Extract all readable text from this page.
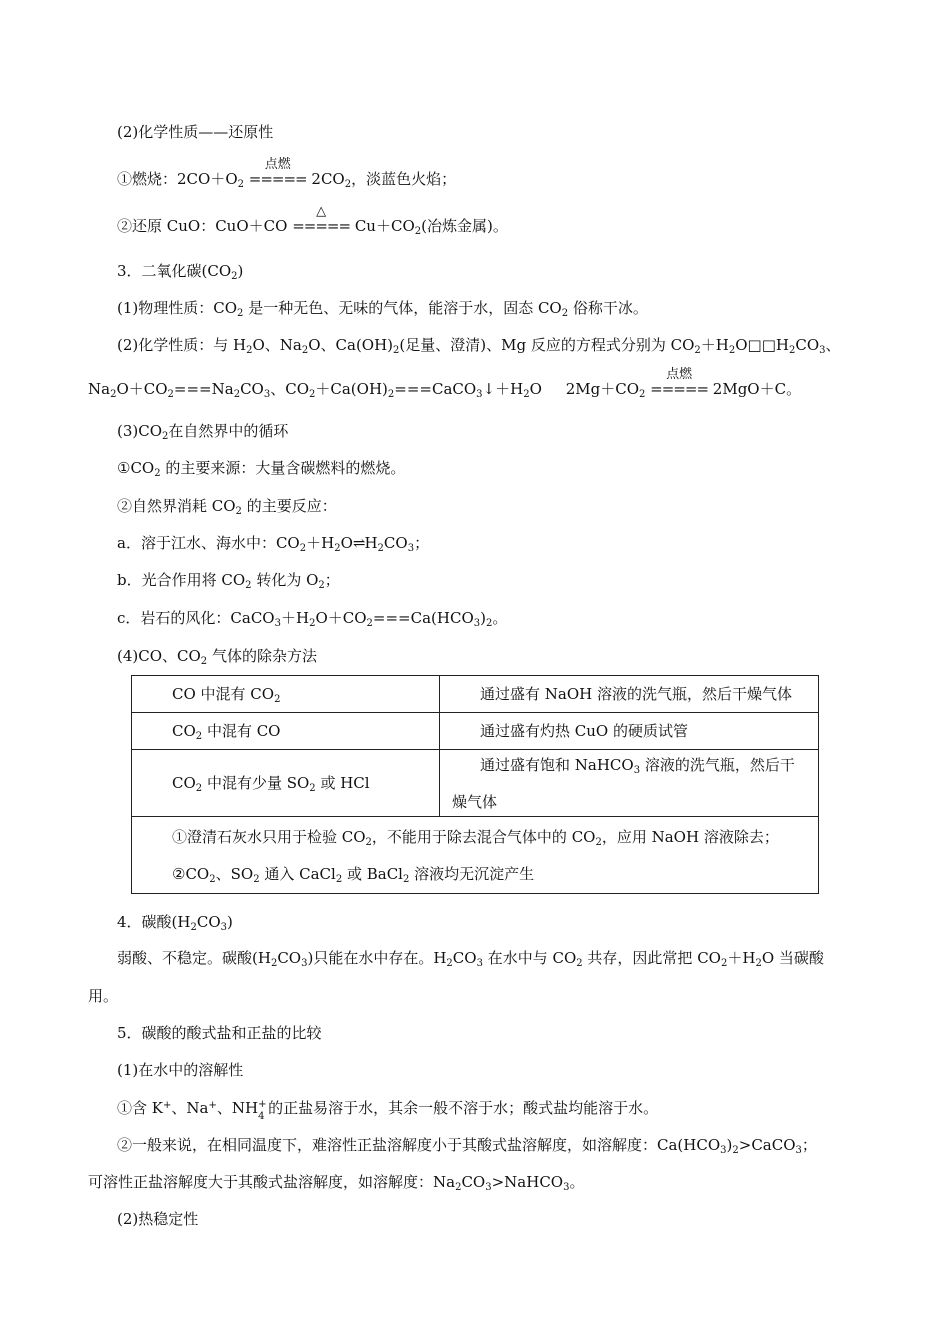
(2)化学性质——还原性
①燃烧：$2CO+O_2$
点燃
===== $2CO_2$，淡蓝色火焰；
②还原 CuO：CuO＋CO
△
===== $Cu+CO_2$(冶炼金属)。
3．二氧化碳$(CO_2)$
(1)物理性质：$CO_2$ 是一种无色、无味的气体，能溶于水，固态 $CO_2$ 俗称干冰。
(2)化学性质：与 $H_2O$、$Na_2O$、$Ca(OH)_2$(足量、澄清)、Mg 反应的方程式分别为 $CO_2+H_2O□□H_2CO_3$、
$Na_2O+CO_2===Na_2CO_3$、$CO_2+Ca(OH)_2===CaCO_3↓+H_2O$ $2Mg+CO_2$
点燃
===== 2MgO＋C。
$(3)CO_2$在自然界中的循环
$①CO_2$ 的主要来源：大量含碳燃料的燃烧。
②自然界消耗 $CO_2$ 的主要反应：
a．溶于江水、海水中：$CO_2+H_2O\rightleftharpoons H_2CO_3$；
b．光合作用将 $CO_2$ 转化为 $O_2$；
c．岩石的风化：$CaCO_3+H_2O+CO_2===Ca(HCO_3)_2$。
(4)CO、$CO_2$ 气体的除杂方法
CO 中混有 $CO_2$	通过盛有 NaOH 溶液的洗气瓶，然后干燥气体
$CO_2$ 中混有 CO	通过盛有灼热 CuO 的硬质试管
$CO_2$ 中混有少量 $SO_2$ 或 HCl	通过盛有饱和 NaHCO$_3$ 溶液的洗气瓶，然后干
燥气体

①澄清石灰水只用于检验 $CO_2$，不能用于除去混合气体中的 $CO_2$，应用 NaOH 溶液除去；
$②CO_2$、$SO_2$ 通入 CaCl$_2$ 或 BaCl$_2$ 溶液均无沉淀产生	
4．碳酸$(H_2CO_3)$
弱酸、不稳定。碳酸$(H_2CO_3)$只能在水中存在。$H_2CO_3$ 在水中与 $CO_2$ 共存，因此常把 $CO_2+H_2O$ 当碳酸
用。
5．碳酸的酸式盐和正盐的比较
(1)在水中的溶解性
①含 K+、Na+、NH +
4 的正盐易溶于水，其余一般不溶于水；酸式盐均能溶于水。
②一般来说，在相同温度下，难溶性正盐溶解度小于其酸式盐溶解度，如溶解度：$Ca(HCO_3)_2>CaCO_3$；
可溶性正盐溶解度大于其酸式盐溶解度，如溶解度：$Na_2CO_3>NaHCO_3$。
(2)热稳定性
